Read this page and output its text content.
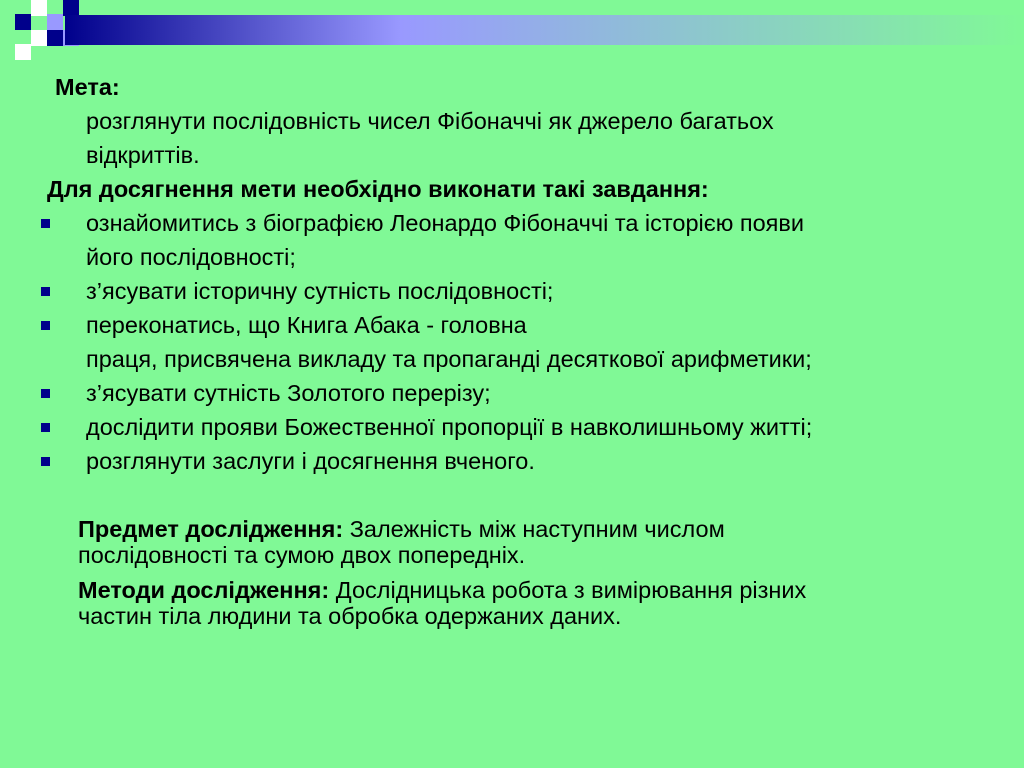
Мета:
розглянути послідовність чисел Фібоначчі як джерело багатьох
відкриттів.
Для досягнення мети необхідно виконати такі завдання:
ознайомитись з біографією Леонардо Фібоначчі та історією появи
його послідовності;
з’ясувати історичну сутність послідовності;
переконатись, що Книга Абака - головна
праця, присвячена викладу та пропаганді десяткової арифметики;
з’ясувати сутність Золотого перерізу;
дослідити прояви Божественної пропорції в навколишньому житті;
розглянути заслуги і досягнення вченого.
Предмет дослідження: Залежність між наступним числом
послідовності та сумою двох попередніх.
Методи дослідження: Дослідницька робота з вимірювання різних
частин тіла людини та обробка одержаних даних.
